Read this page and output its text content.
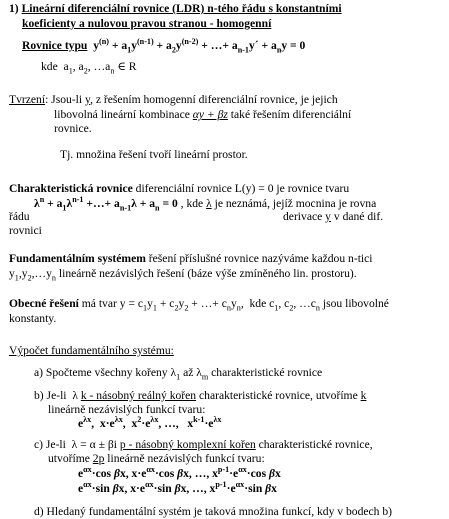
1) Lineární diferenciální rovnice (LDR) n-tého řádu s konstantními
koeficienty a nulovou pravou stranou - homogenní
Rovnice typu  $y^{(n)} + a_1y^{(n-1)} + a_2y^{(n-2)}$ + …+ $a_{n-1}y´ + a_ny = 0$
kde  $a_1$, $a_2$, $\dots a_n$ ∈ R
Tvrzení: Jsou-li y, z řešením homogenní diferenciální rovnice, je jejich
libovolná lineární kombinace αy + βz také řešením diferenciální
rovnice.
Tj. množina řešení tvoří lineární prostor.
Charakteristická rovnice diferenciální rovnice L(y) = 0 je rovnice tvaru
$\lambda^n + a_1\lambda^{n-1}$ +…+ $a_{n-1}\lambda + a_n = 0$ , kde λ je neznámá, jejíž mocnina je rovna
řádu	derivace y v dané dif.
rovnici
Fundamentálním systémem řešení příslušné rovnice nazýváme každou n-tici
$y_1,y_2,\dots y_n$ lineárně nezávislých řešení (báze výše zmíněného lin. prostoru).
Obecné řešení má tvar $y = c_1y_1 + c_2y_2$ + …+ $c_ny_n$,  kde $c_1$, $c_2$, $\dots c_n$ jsou libovolné
konstanty.
Výpočet fundamentálního systému:
a) Spočteme všechny kořeny $\lambda_1$ až $\lambda_m$ charakteristické rovnice
b) Je-li  λ k - násobný reálný kořen charakteristické rovnice, utvoříme k
lineárně nezávislých funkcí tvaru:
$e^{\lambda x}$,  $x\cdot e^{\lambda x}$,  $x^2\cdot e^{\lambda x}$, …,   $x^{k-1}\cdot e^{\lambda x}$
c) Je-li  λ = α ± βi p - násobný komplexní kořen charakteristické rovnice,
utvoříme 2p lineárně nezávislých funkcí tvaru:
$e^{\alpha x}\cdot\cos$ βx, $x\cdot e^{\alpha x}\cdot\cos$ βx, …, $x^{p-1}\cdot e^{\alpha x}\cdot\cos$ βx
$e^{\alpha x}\cdot\sin$ βx, $x\cdot e^{\alpha x}\cdot\sin$ βx, …, $x^{p-1}\cdot e^{\alpha x}\cdot\sin$ βx
d) Hledaný fundamentální systém je taková množina funkcí, kdy v bodech b)
